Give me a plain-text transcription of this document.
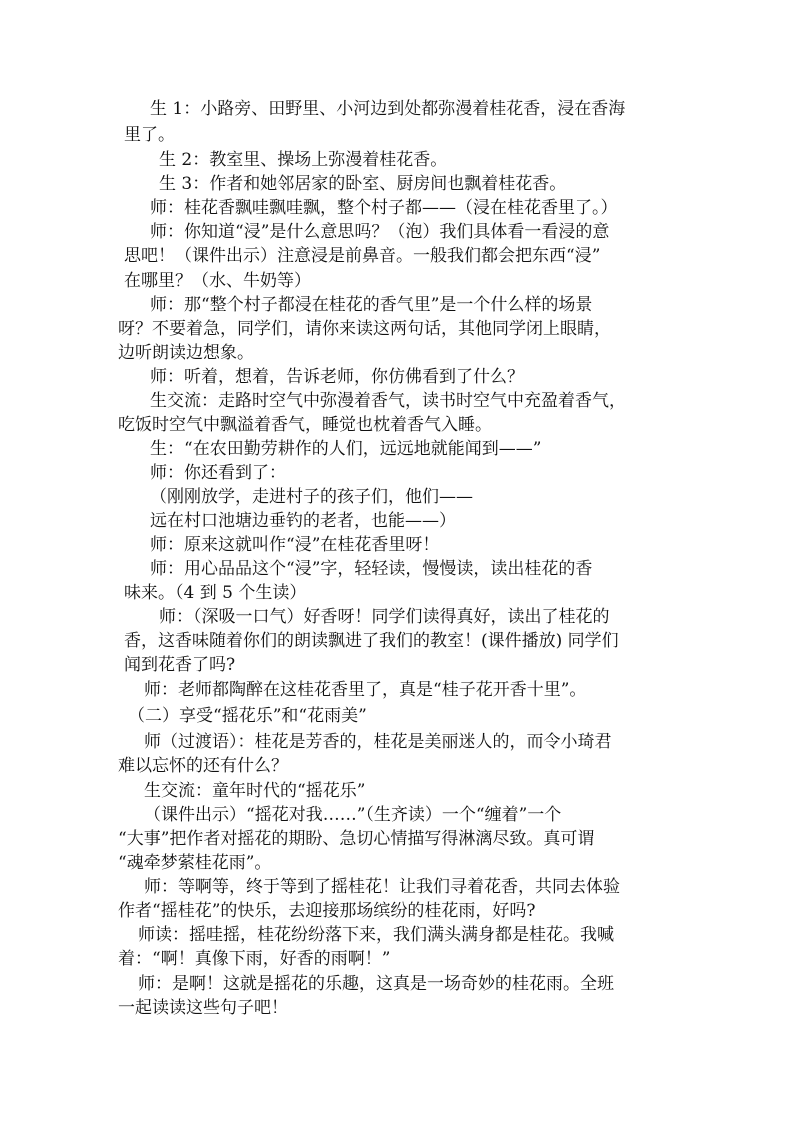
生 1：小路旁、田野里、小河边到处都弥漫着桂花香，浸在香海
里了。
生 2：教室里、操场上弥漫着桂花香。
生 3：作者和她邻居家的卧室、厨房间也飘着桂花香。
师：桂花香飘哇飘哇飘，整个村子都——（浸在桂花香里了。）
师：你知道“浸”是什么意思吗？（泡）我们具体看一看浸的意
思吧！（课件出示）注意浸是前鼻音。一般我们都会把东西“浸”
在哪里？（水、牛奶等）
师：那“整个村子都浸在桂花的香气里”是一个什么样的场景
呀？不要着急，同学们，请你来读这两句话，其他同学闭上眼睛，
边听朗读边想象。
师：听着，想着，告诉老师，你仿佛看到了什么？
生交流：走路时空气中弥漫着香气，读书时空气中充盈着香气，
吃饭时空气中飘溢着香气，睡觉也枕着香气入睡。
生：“在农田勤劳耕作的人们，远远地就能闻到——”
师：你还看到了：
（刚刚放学，走进村子的孩子们，他们——
远在村口池塘边垂钓的老者，也能——）
师：原来这就叫作“浸”在桂花香里呀！
师：用心品品这个“浸”字，轻轻读，慢慢读，读出桂花的香
味来。（4 到 5 个生读）
师：（深吸一口气）好香呀！同学们读得真好，读出了桂花的
香，这香味随着你们的朗读飘进了我们的教室！(课件播放) 同学们
闻到花香了吗?
师：老师都陶醉在这桂花香里了，真是“桂子花开香十里”。
（二）享受“摇花乐”和“花雨美”
师（过渡语）：桂花是芳香的，桂花是美丽迷人的，而令小琦君
难以忘怀的还有什么？
生交流：童年时代的“摇花乐”
（课件出示）“摇花对我……”（生齐读）一个“缠着”一个
“大事”把作者对摇花的期盼、急切心情描写得淋漓尽致。真可谓
“魂牵梦萦桂花雨”。
师：等啊等，终于等到了摇桂花！让我们寻着花香，共同去体验
作者“摇桂花”的快乐，去迎接那场缤纷的桂花雨，好吗?
师读：摇哇摇，桂花纷纷落下来，我们满头满身都是桂花。我喊
着：“啊！真像下雨，好香的雨啊！”
师：是啊！这就是摇花的乐趣，这真是一场奇妙的桂花雨。全班
一起读读这些句子吧！
